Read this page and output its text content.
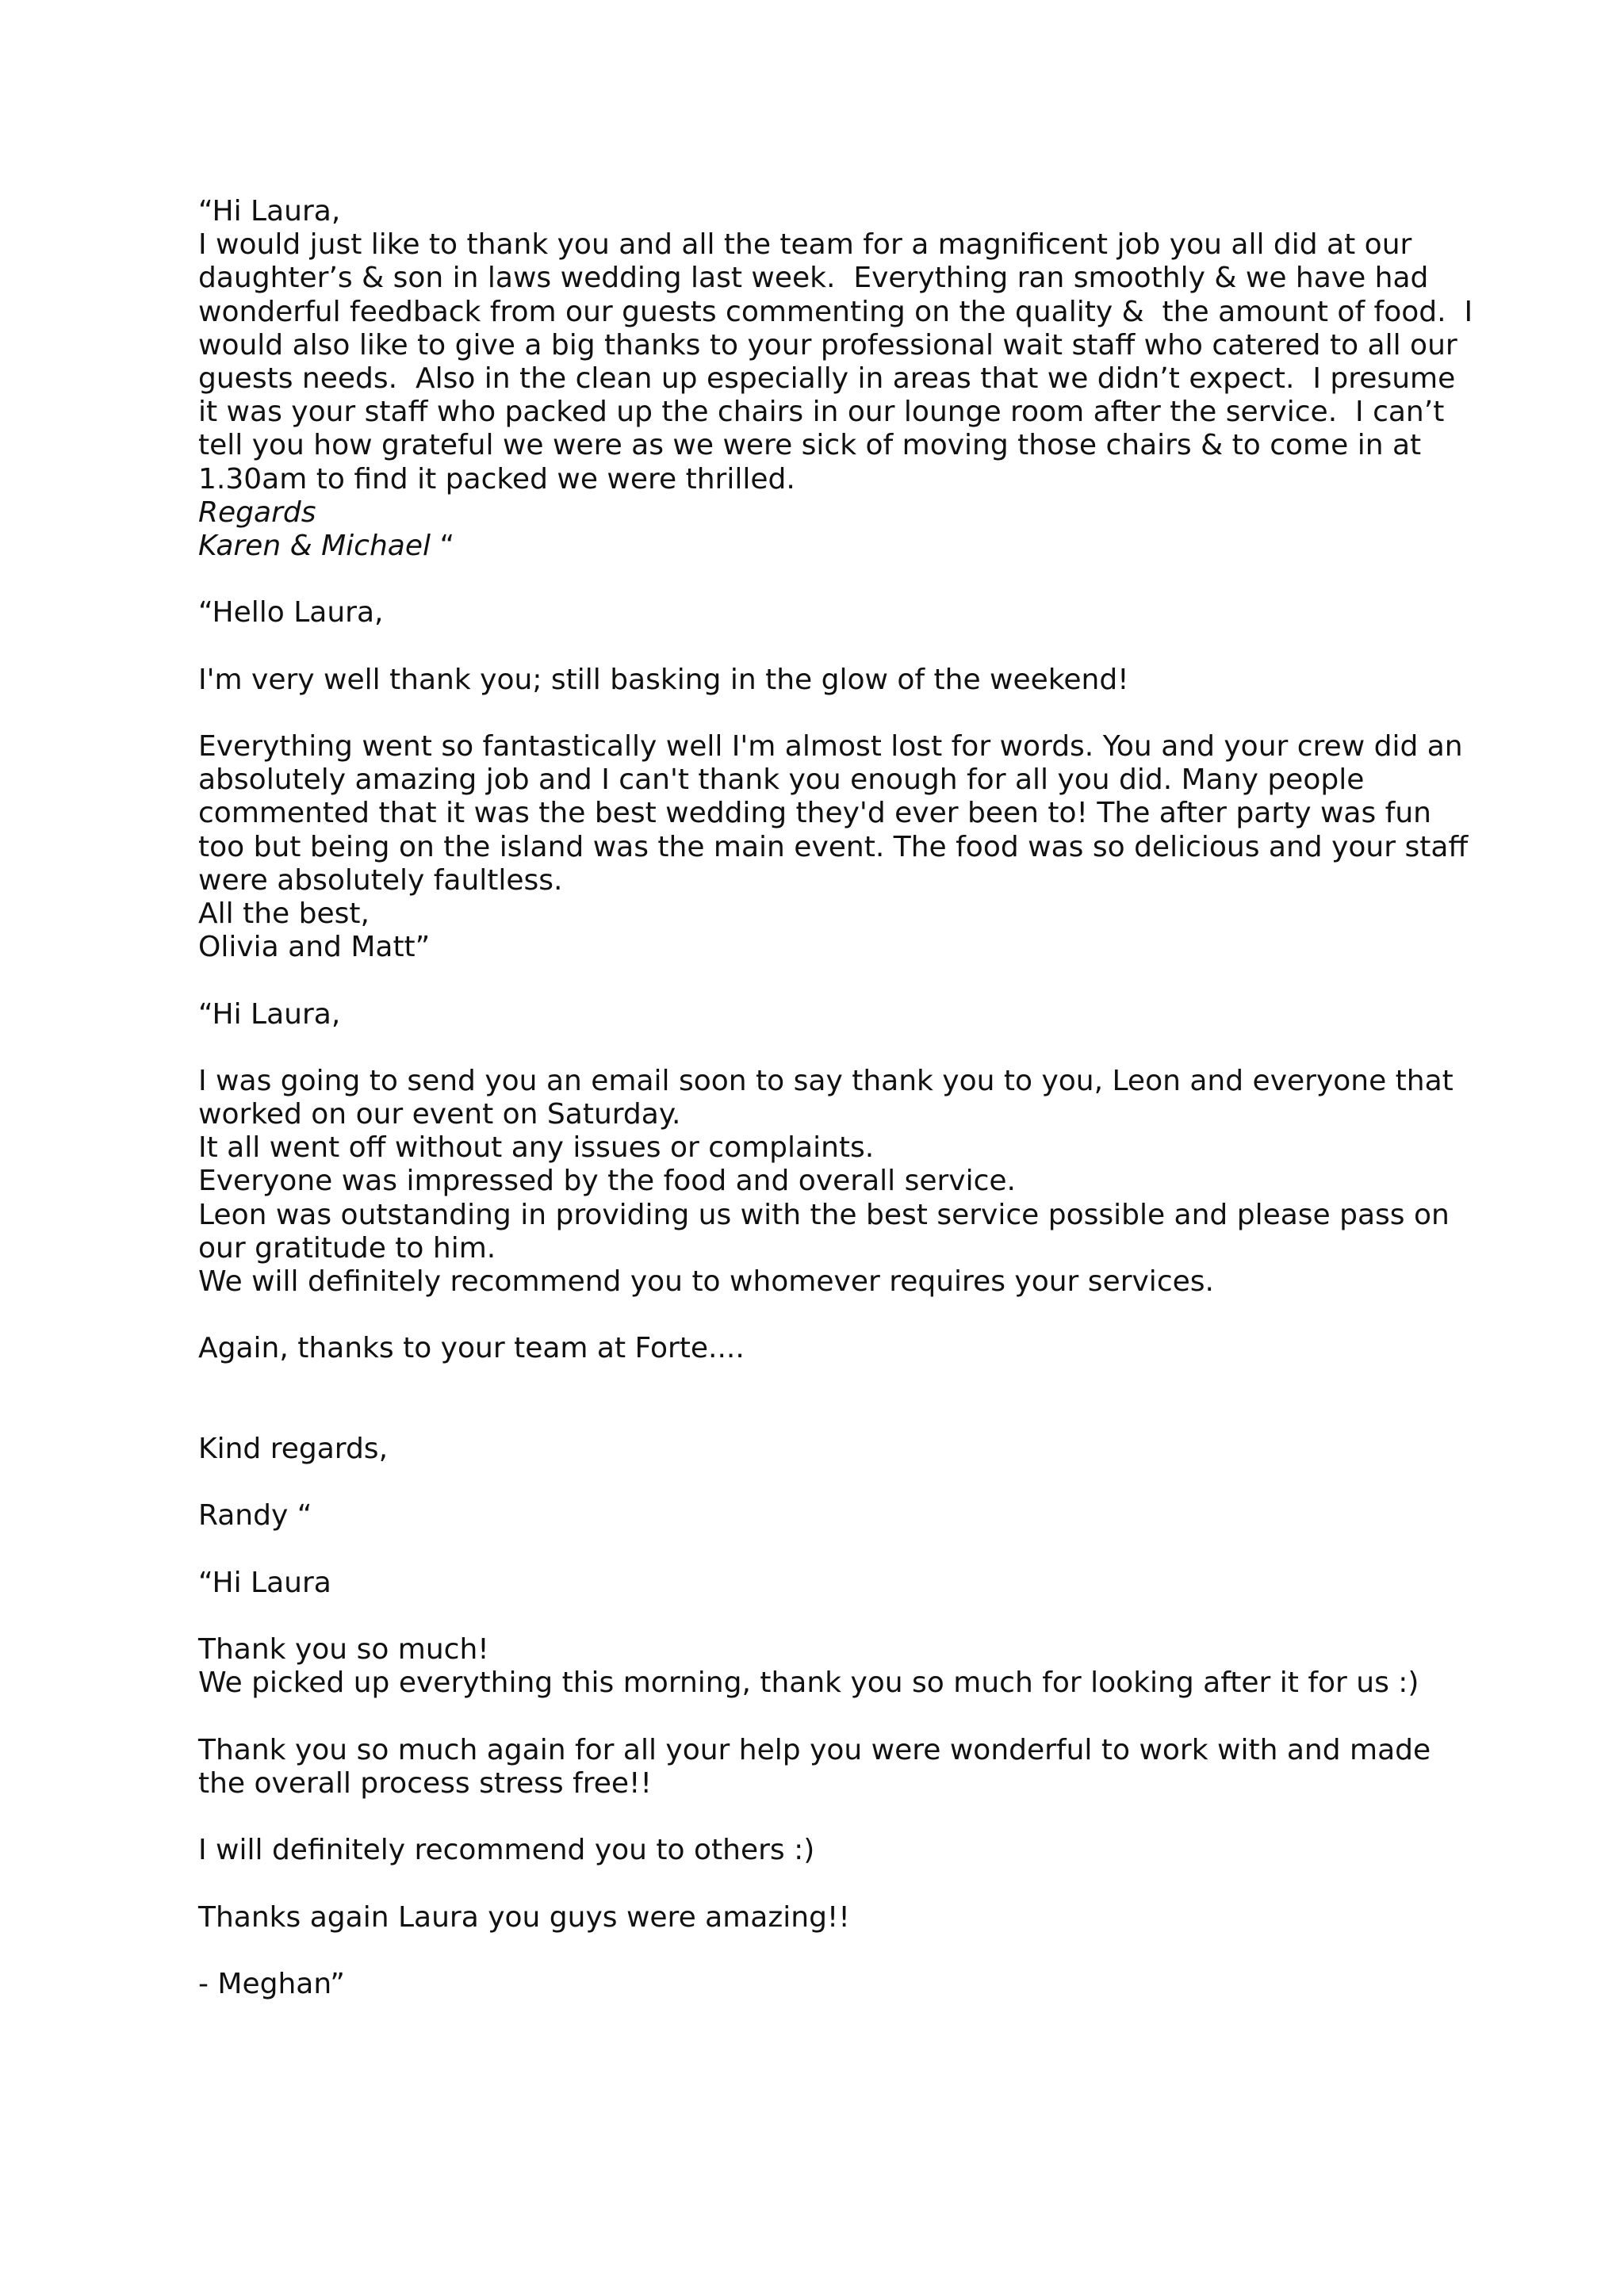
“Hi Laura,
I would just like to thank you and all the team for a magnificent job you all did at our
daughter’s & son in laws wedding last week.  Everything ran smoothly & we have had
wonderful feedback from our guests commenting on the quality &  the amount of food.  I
would also like to give a big thanks to your professional wait staff who catered to all our
guests needs.  Also in the clean up especially in areas that we didn’t expect.  I presume
it was your staff who packed up the chairs in our lounge room after the service.  I can’t
tell you how grateful we were as we were sick of moving those chairs & to come in at
1.30am to find it packed we were thrilled.
Regards
Karen & Michael “
“Hello Laura,
I'm very well thank you; still basking in the glow of the weekend!
Everything went so fantastically well I'm almost lost for words. You and your crew did an
absolutely amazing job and I can't thank you enough for all you did. Many people
commented that it was the best wedding they'd ever been to! The after party was fun
too but being on the island was the main event. The food was so delicious and your staff
were absolutely faultless.
All the best,
Olivia and Matt”
“Hi Laura,
I was going to send you an email soon to say thank you to you, Leon and everyone that
worked on our event on Saturday.
It all went off without any issues or complaints.
Everyone was impressed by the food and overall service.
Leon was outstanding in providing us with the best service possible and please pass on
our gratitude to him.
We will definitely recommend you to whomever requires your services.
Again, thanks to your team at Forte....
Kind regards,
Randy “
“Hi Laura
Thank you so much!
We picked up everything this morning, thank you so much for looking after it for us :)
Thank you so much again for all your help you were wonderful to work with and made
the overall process stress free!!
I will definitely recommend you to others :)
Thanks again Laura you guys were amazing!!
- Meghan”
